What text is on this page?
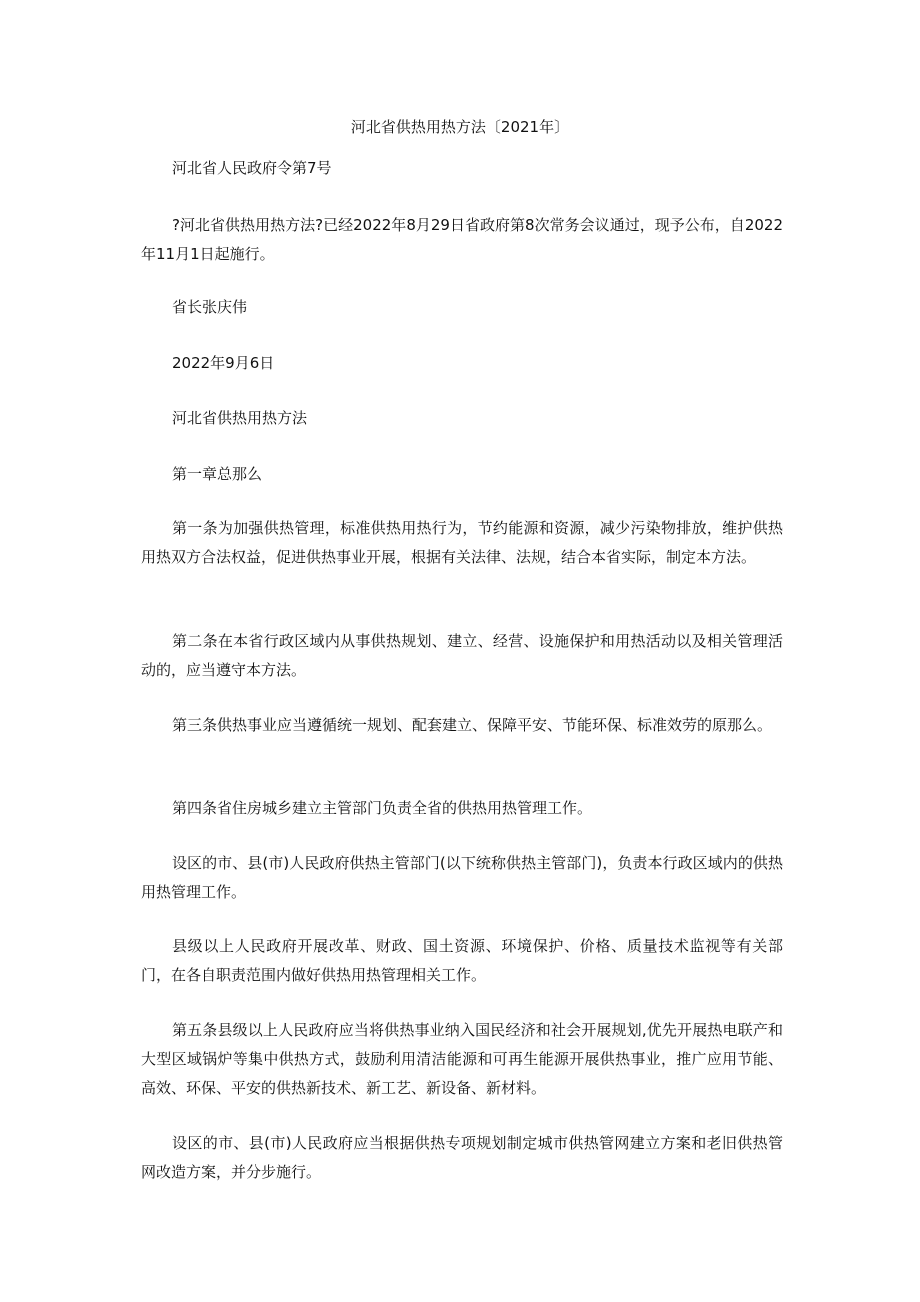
河北省供热用热方法〔2021年〕
河北省人民政府令第7号
?河北省供热用热方法?已经2022年8月29日省政府第8次常务会议通过，现予公布，自2022年11月1日起施行。
省长张庆伟
2022年9月6日
河北省供热用热方法
第一章总那么
第一条为加强供热管理，标准供热用热行为，节约能源和资源，减少污染物排放，维护供热用热双方合法权益，促进供热事业开展，根据有关法律、法规，结合本省实际，制定本方法。
第二条在本省行政区域内从事供热规划、建立、经营、设施保护和用热活动以及相关管理活动的，应当遵守本方法。
第三条供热事业应当遵循统一规划、配套建立、保障平安、节能环保、标准效劳的原那么。
第四条省住房城乡建立主管部门负责全省的供热用热管理工作。
设区的市、县(市)人民政府供热主管部门(以下统称供热主管部门)，负责本行政区域内的供热用热管理工作。
县级以上人民政府开展改革、财政、国土资源、环境保护、价格、质量技术监视等有关部门，在各自职责范围内做好供热用热管理相关工作。
第五条县级以上人民政府应当将供热事业纳入国民经济和社会开展规划,优先开展热电联产和大型区域锅炉等集中供热方式，鼓励利用清洁能源和可再生能源开展供热事业，推广应用节能、高效、环保、平安的供热新技术、新工艺、新设备、新材料。
设区的市、县(市)人民政府应当根据供热专项规划制定城市供热管网建立方案和老旧供热管网改造方案，并分步施行。
